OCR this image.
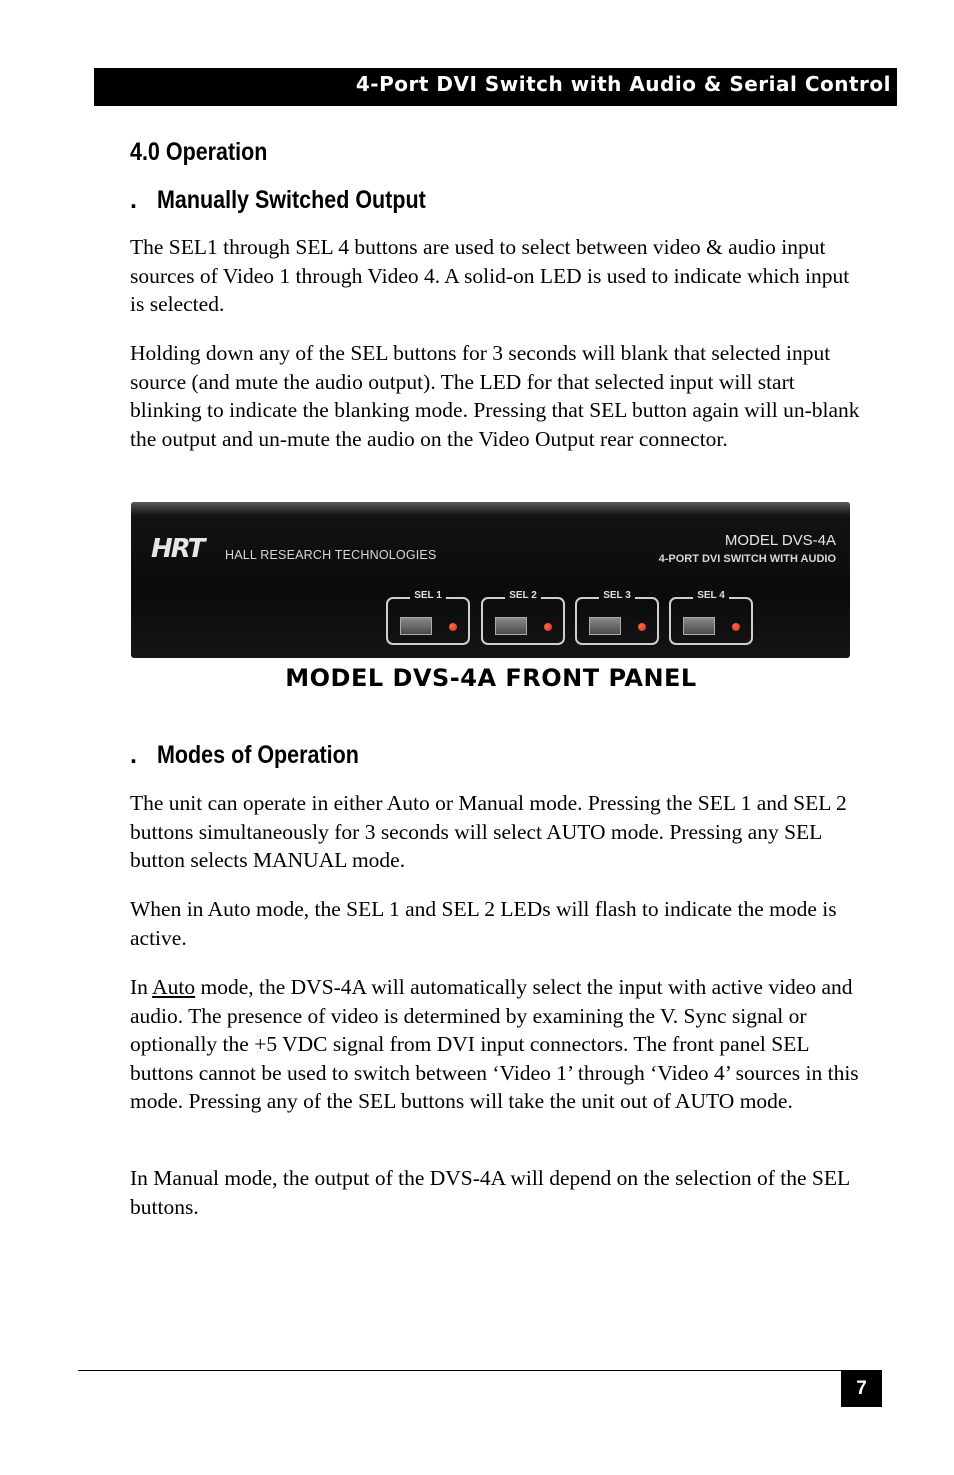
4-Port DVI Switch with Audio & Serial Control
4.0 Operation
. Manually Switched Output

The SEL1 through SEL 4 buttons are used to select between video & audio input sources of Video 1 through Video 4. A solid-on LED is used to indicate which input is selected.

Holding down any of the SEL buttons for 3 seconds will blank that selected input source (and mute the audio output). The LED for that selected input will start blinking to indicate the blanking mode. Pressing that SEL button again will un-blank the output and un-mute the audio on the Video Output rear connector.

HRT HALL RESEARCH TECHNOLOGIES
MODEL DVS-4A
4-PORT DVI SWITCH WITH AUDIO
SEL 1	SEL 2	SEL 3	SEL 4

MODEL DVS-4A FRONT PANEL

. Modes of Operation

The unit can operate in either Auto or Manual mode. Pressing the SEL 1 and SEL 2 buttons simultaneously for 3 seconds will select AUTO mode. Pressing any SEL button selects MANUAL mode.

When in Auto mode, the SEL 1 and SEL 2 LEDs will flash to indicate the mode is active.

In Auto mode, the DVS-4A will automatically select the input with active video and audio. The presence of video is determined by examining the V. Sync signal or optionally the +5 VDC signal from DVI input connectors. The front panel SEL buttons cannot be used to switch between ‘Video 1’ through ‘Video 4’ sources in this mode. Pressing any of the SEL buttons will take the unit out of AUTO mode.

In Manual mode, the output of the DVS-4A will depend on the selection of the SEL buttons.

7
